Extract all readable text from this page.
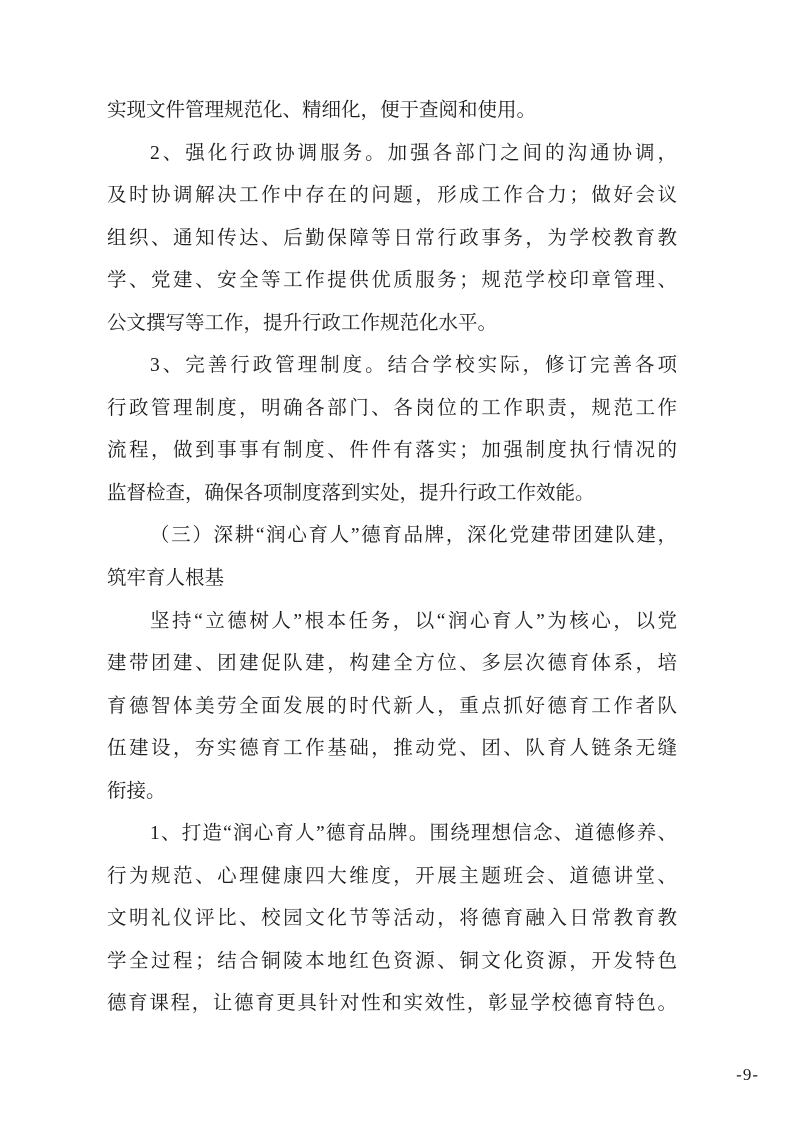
实现文件管理规范化、精细化，便于查阅和使用。
2、强化行政协调服务。加强各部门之间的沟通协调，
及时协调解决工作中存在的问题，形成工作合力；做好会议
组织、通知传达、后勤保障等日常行政事务，为学校教育教
学、党建、安全等工作提供优质服务；规范学校印章管理、
公文撰写等工作，提升行政工作规范化水平。
3、完善行政管理制度。结合学校实际，修订完善各项
行政管理制度，明确各部门、各岗位的工作职责，规范工作
流程，做到事事有制度、件件有落实；加强制度执行情况的
监督检查，确保各项制度落到实处，提升行政工作效能。
（三）深耕“润心育人”德育品牌，深化党建带团建队建，
筑牢育人根基
坚持“立德树人”根本任务，以“润心育人”为核心，以党
建带团建、团建促队建，构建全方位、多层次德育体系，培
育德智体美劳全面发展的时代新人，重点抓好德育工作者队
伍建设，夯实德育工作基础，推动党、团、队育人链条无缝
衔接。
1、打造“润心育人”德育品牌。围绕理想信念、道德修养、
行为规范、心理健康四大维度，开展主题班会、道德讲堂、
文明礼仪评比、校园文化节等活动，将德育融入日常教育教
学全过程；结合铜陵本地红色资源、铜文化资源，开发特色
德育课程，让德育更具针对性和实效性，彰显学校德育特色。
-9-
